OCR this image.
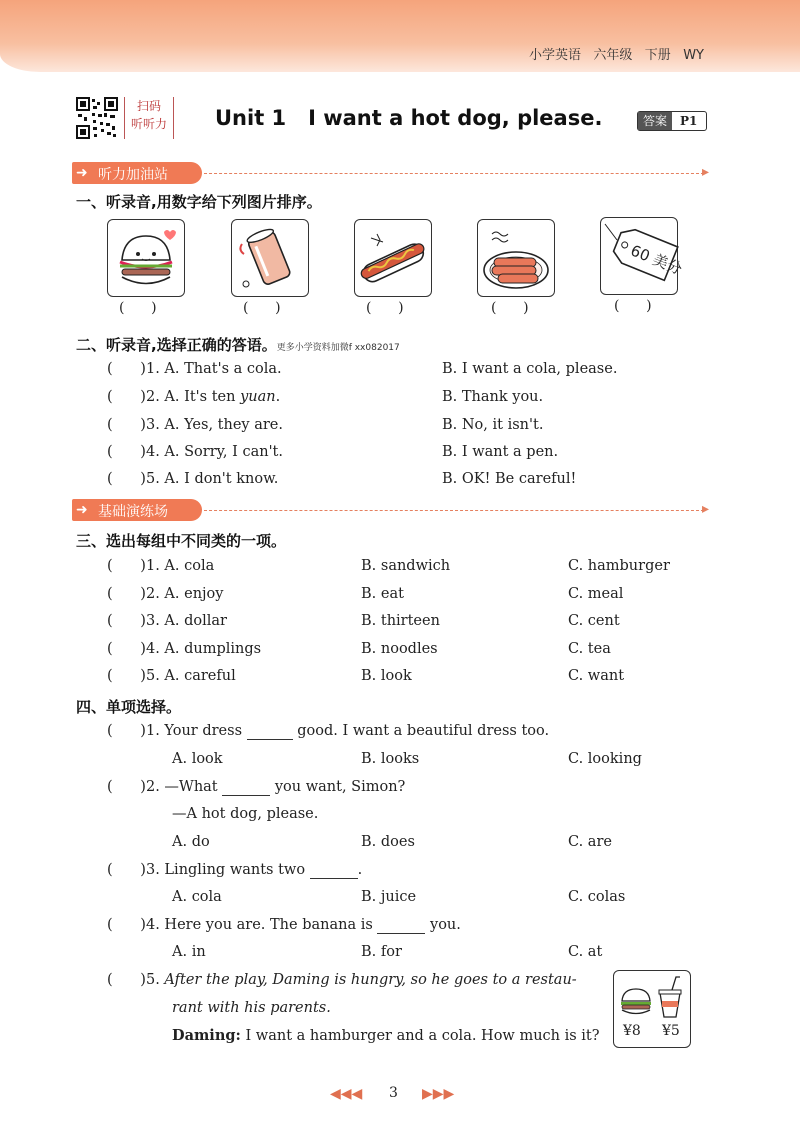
小学英语   六年级   下册   WY
扫码
听听力 Unit 1   I want a hot dog, please.	答案	P1
➜ 听力加油站	▸
一、听录音,用数字给下列图片排序。
(      )	(      )	(      )	(      )
60 美分
(      )
二、听录音,选择正确的答语。更多小学资料加微f xx082017
(      )1. A. That's a cola.	B. I want a cola, please.
(      )2. A. It's ten yuan.	B. Thank you.
(      )3. A. Yes, they are.	B. No, it isn't.
(      )4. A. Sorry, I can't.	B. I want a pen.
(      )5. A. I don't know.	B. OK! Be careful!
➜ 基础演练场	▸
三、选出每组中不同类的一项。
(      )1. A. cola	B. sandwich	C. hamburger
(      )2. A. enjoy	B. eat	C. meal
(      )3. A. dollar	B. thirteen	C. cent
(      )4. A. dumplings	B. noodles	C. tea
(      )5. A. careful	B. look	C. want
四、单项选择。
(      )1. Your dress	good. I want a beautiful dress too.
A. look	B. looks	C. looking
(      )2. —What	you want, Simon?
—A hot dog, please.
A. do	B. does	C. are
(      )3. Lingling wants two	.
A. cola	B. juice	C. colas
(      )4. Here you are. The banana is	you.
A. in	B. for	C. at
(      )5. After the play, Daming is hungry, so he goes to a restau-
rant with his parents.
Daming: I want a hamburger and a cola. How much is it? ¥8 ¥5
◀◀◀ 3 ▶▶▶
